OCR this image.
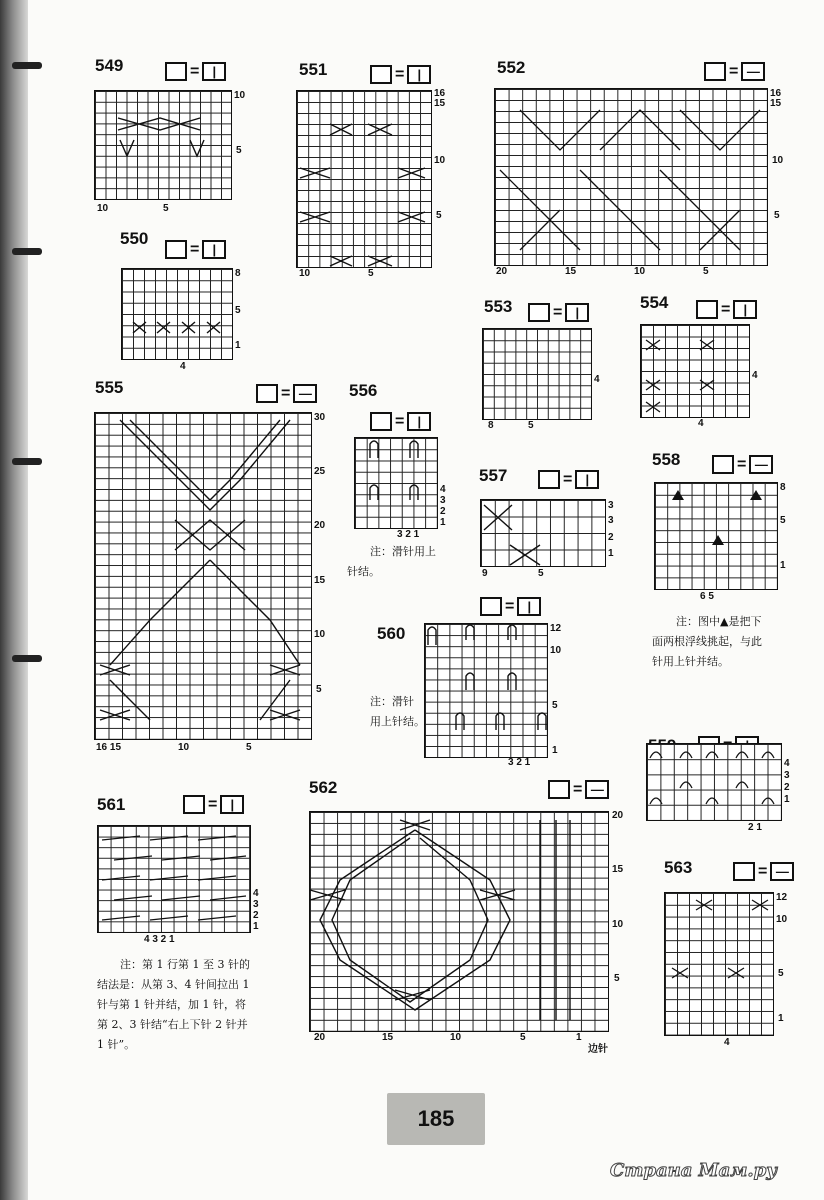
549	=	|
10
5
10	5
550
=	|
8
5
1
4
551	=	|
16
15
10
5
10	5
552	= —
16
15
10
5
20	15	10	5
553	=	|
4
8	5
554	=	|
4
4
555	= —
30
25
20
15
10
5
16 15	10	5
556
=	|
4
3
2
1
3 2 1
注：滑针用上
针结。
557	=	|
3
3
2
1
9	5
558	= —
8
5
1
6 5
注：图中▲是把下
面两根浮线挑起，与此
针用上针并结。
560
=	|
12
10
5
1
3 2 1
注：滑针
用上针结。
4
3
2
1
2 1
561	=	|
4
3
2
1
4 3 2 1
注：第 1 行第 1 至 3 针的
结法是：从第 3、4 针间拉出 1
针与第 1 针并结，加 1 针，将
第 2、3 针结“右上下针 2 针并
1 针”。
562	= —
20
15
10
5
20	15	10	5	1
边针
563	= —
12
10
5
1
4
185
Страна Мам.ру
